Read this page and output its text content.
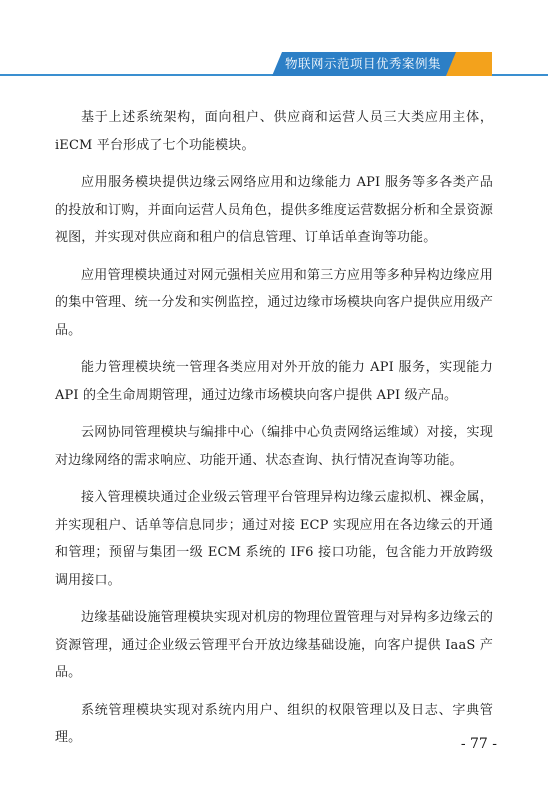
物联网示范项目优秀案例集

基于上述系统架构，面向租户、供应商和运营人员三大类应用主体，iECM 平台形成了七个功能模块。

应用服务模块提供边缘云网络应用和边缘能力 API 服务等多各类产品的投放和订购，并面向运营人员角色，提供多维度运营数据分析和全景资源视图，并实现对供应商和租户的信息管理、订单话单查询等功能。

应用管理模块通过对网元强相关应用和第三方应用等多种异构边缘应用的集中管理、统一分发和实例监控，通过边缘市场模块向客户提供应用级产品。

能力管理模块统一管理各类应用对外开放的能力 API 服务，实现能力 API 的全生命周期管理，通过边缘市场模块向客户提供 API 级产品。

云网协同管理模块与编排中心（编排中心负责网络运维域）对接，实现对边缘网络的需求响应、功能开通、状态查询、执行情况查询等功能。

接入管理模块通过企业级云管理平台管理异构边缘云虚拟机、裸金属，并实现租户、话单等信息同步；通过对接 ECP 实现应用在各边缘云的开通和管理；预留与集团一级 ECM 系统的 IF6 接口功能，包含能力开放跨级调用接口。

边缘基础设施管理模块实现对机房的物理位置管理与对异构多边缘云的资源管理，通过企业级云管理平台开放边缘基础设施，向客户提供 IaaS 产品。

系统管理模块实现对系统内用户、组织的权限管理以及日志、字典管理。	- 77 -
